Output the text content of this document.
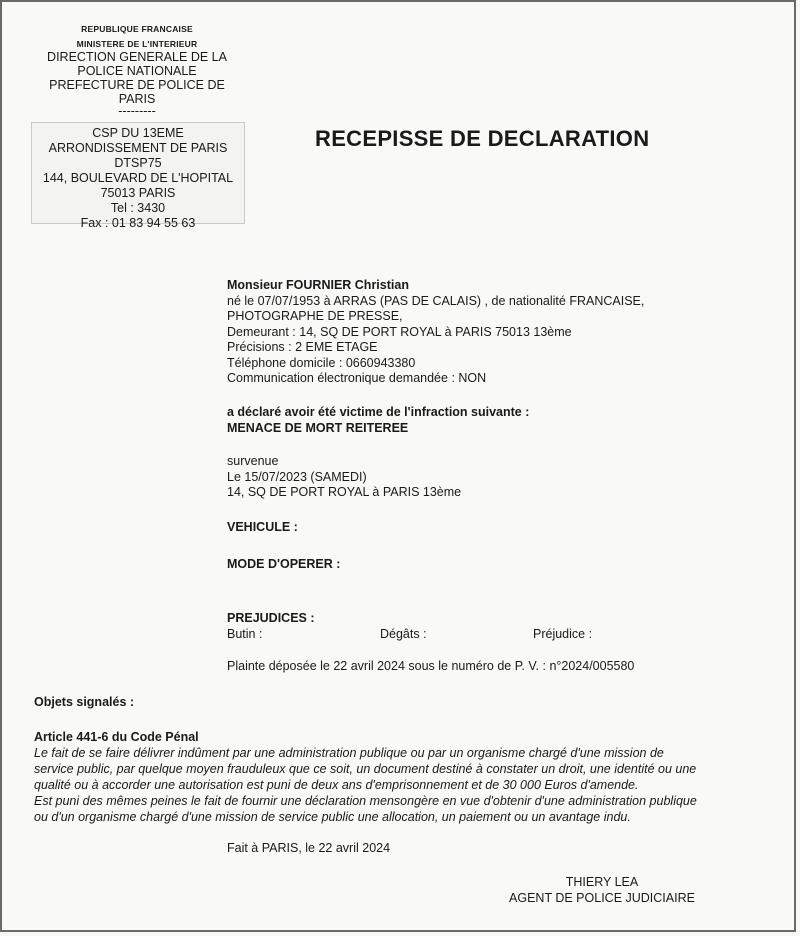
REPUBLIQUE FRANCAISE
MINISTERE DE L'INTERIEUR
DIRECTION GENERALE DE LA
POLICE NATIONALE
PREFECTURE DE POLICE DE
PARIS
---------
CSP DU 13EME
ARRONDISSEMENT DE PARIS
DTSP75
144, BOULEVARD DE L'HOPITAL
75013 PARIS
Tel : 3430
Fax : 01 83 94 55 63
RECEPISSE DE DECLARATION
Monsieur FOURNIER Christian
né le 07/07/1953 à ARRAS (PAS DE CALAIS) , de nationalité FRANCAISE,
PHOTOGRAPHE DE PRESSE,
Demeurant : 14, SQ DE PORT ROYAL à PARIS 75013 13ème
Précisions : 2 EME ETAGE
Téléphone domicile : 0660943380
Communication électronique demandée : NON
a déclaré avoir été victime de l'infraction suivante :
MENACE DE MORT REITEREE
survenue
Le 15/07/2023 (SAMEDI)
14, SQ DE PORT ROYAL à PARIS 13ème
VEHICULE :
MODE D'OPERER :
PREJUDICES :
Butin :	Dégâts :	Préjudice :
Plainte déposée le 22 avril 2024 sous le numéro de P. V. : n°2024/005580
Objets signalés :
Article 441-6 du Code Pénal
Le fait de se faire délivrer indûment par une administration publique ou par un organisme chargé d'une mission de
service public, par quelque moyen frauduleux que ce soit, un document destiné à constater un droit, une identité ou une
qualité ou à accorder une autorisation est puni de deux ans d'emprisonnement et de 30 000 Euros d'amende.
Est puni des mêmes peines le fait de fournir une déclaration mensongère en vue d'obtenir d'une administration publique
ou d'un organisme chargé d'une mission de service public une allocation, un paiement ou un avantage indu.
Fait à PARIS, le 22 avril 2024
THIERY LEA
AGENT DE POLICE JUDICIAIRE
